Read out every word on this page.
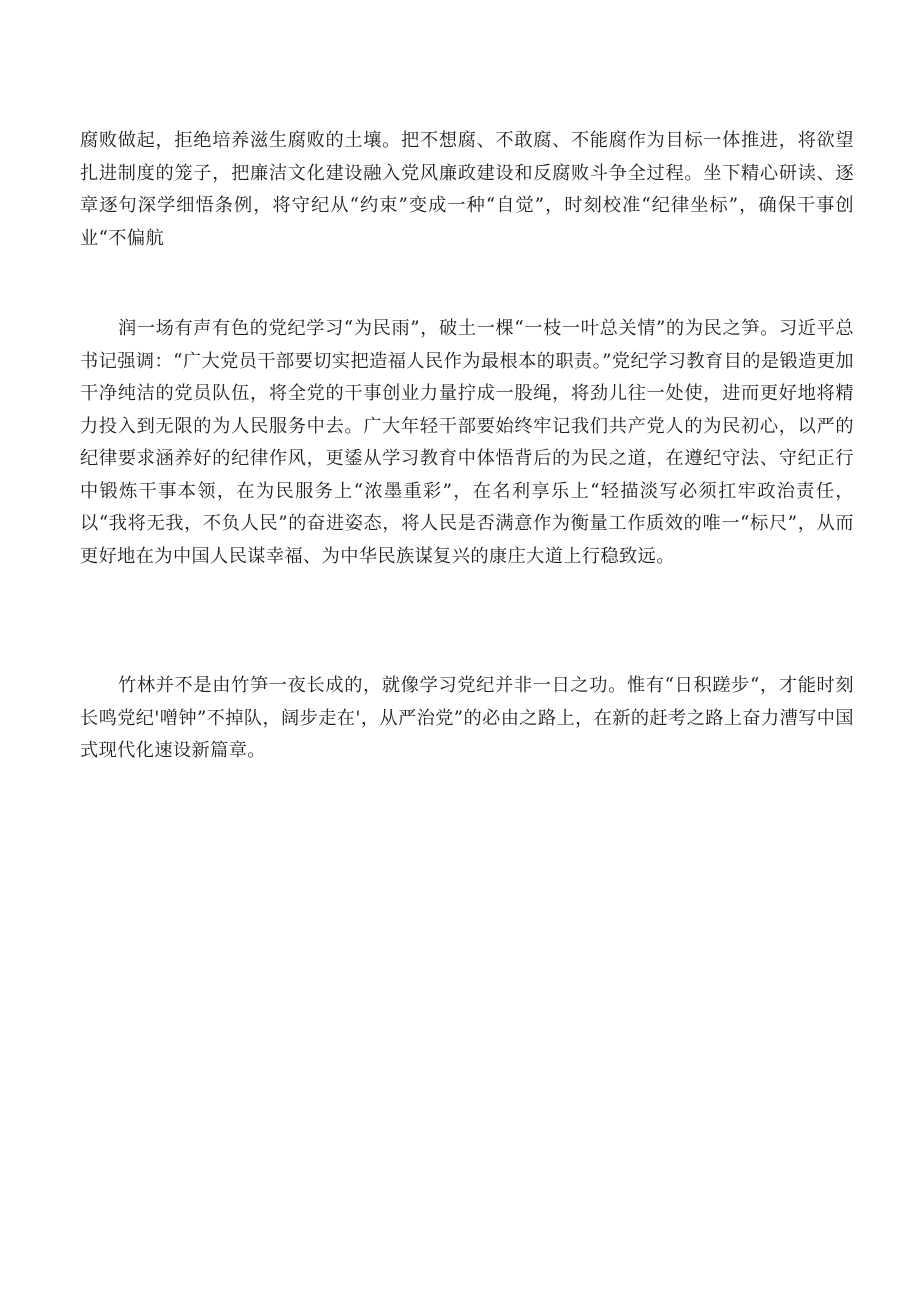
腐败做起，拒绝培养滋生腐败的土壤。把不想腐、不敢腐、不能腐作为目标一体推进，将欲望扎进制度的笼子，把廉洁文化建设融入党风廉政建设和反腐败斗争全过程。坐下精心研读、逐章逐句深学细悟条例，将守纪从“约束”变成一种“自觉”，时刻校准“纪律坐标”，确保干事创业“不偏航

润一场有声有色的党纪学习“为民雨”，破土一棵“一枝一叶总关情”的为民之笋。习近平总书记强调：“广大党员干部要切实把造福人民作为最根本的职责。”党纪学习教育目的是锻造更加干净纯洁的党员队伍，将全党的干事创业力量拧成一股绳，将劲儿往一处使，进而更好地将精力投入到无限的为人民服务中去。广大年轻干部要始终牢记我们共产党人的为民初心，以严的纪律要求涵养好的纪律作风，更鋈从学习教育中体悟背后的为民之道，在遵纪守法、守纪正行中锻炼干事本领，在为民服务上“浓墨重彩”，在名利享乐上“轻描淡写必须扛牢政治责任，以“我将无我，不负人民”的奋进姿态，将人民是否满意作为衡量工作质效的唯一“标尺”，从而更好地在为中国人民谋幸福、为中华民族谋复兴的康庄大道上行稳致远。

竹林并不是由竹笋一夜长成的，就像学习党纪并非一日之功。惟有“日积蹉步“，才能时刻长鸣党纪'噌钟”不掉队，阔步走在'，从严治党”的必由之路上，在新的赶考之路上奋力漕写中国式现代化速设新篇章。
